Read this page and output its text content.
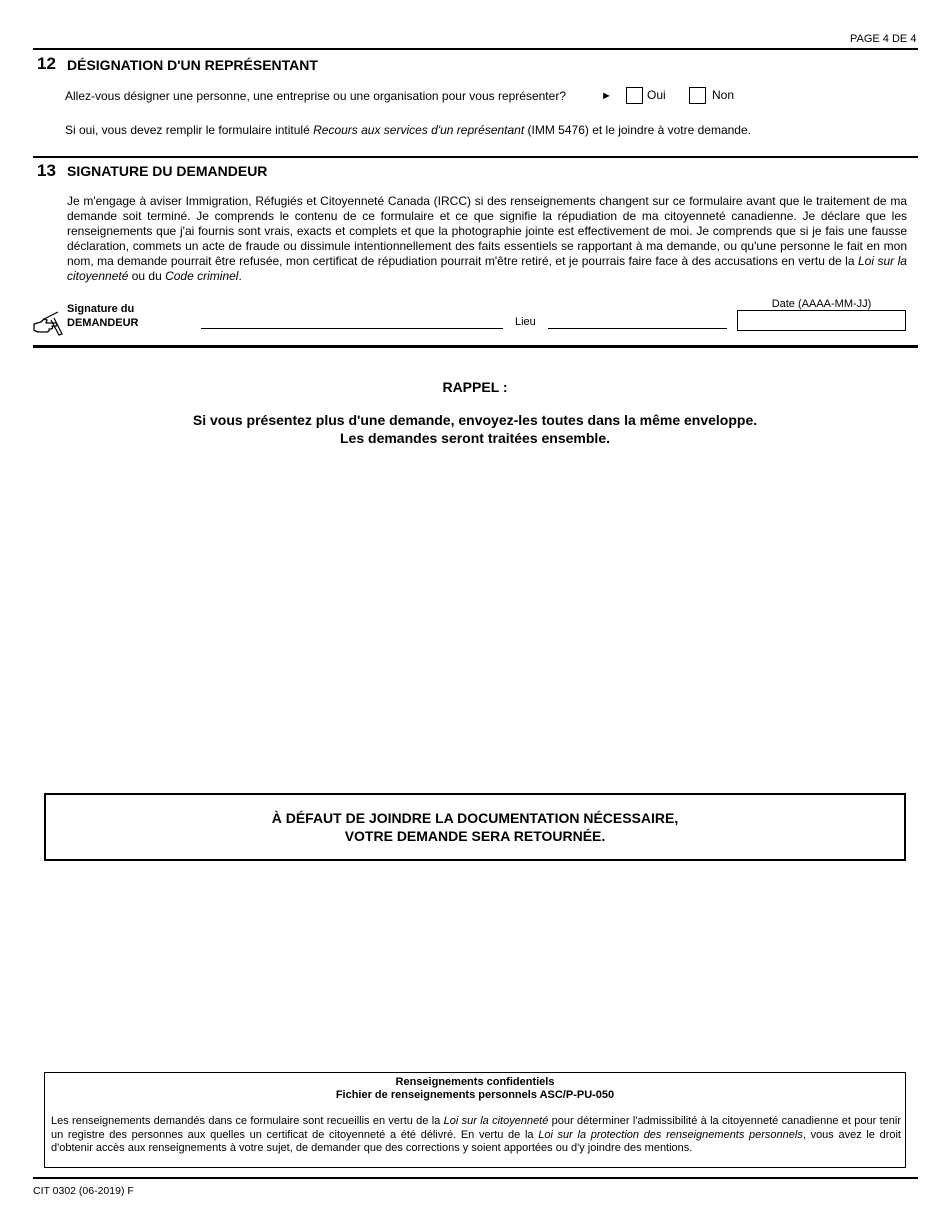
PAGE 4 DE 4
12 DÉSIGNATION D'UN REPRÉSENTANT
Allez-vous désigner une personne, une entreprise ou une organisation pour vous représenter?	►	Oui	Non
Si oui, vous devez remplir le formulaire intitulé Recours aux services d'un représentant (IMM 5476) et le joindre à votre demande.
13 SIGNATURE DU DEMANDEUR
Je m'engage à aviser Immigration, Réfugiés et Citoyenneté Canada (IRCC) si des renseignements changent sur ce formulaire avant que le traitement de ma demande soit terminé. Je comprends le contenu de ce formulaire et ce que signifie la répudiation de ma citoyenneté canadienne. Je déclare que les renseignements que j'ai fournis sont vrais, exacts et complets et que la photographie jointe est effectivement de moi. Je comprends que si je fais une fausse déclaration, commets un acte de fraude ou dissimule intentionnellement des faits essentiels se rapportant à ma demande, ou qu'une personne le fait en mon nom, ma demande pourrait être refusée, mon certificat de répudiation pourrait m'être retiré, et je pourrais faire face à des accusations en vertu de la Loi sur la citoyenneté ou du Code criminel.
Signature du
DEMANDEUR	Lieu
Date (AAAA-MM-JJ)
RAPPEL :
Si vous présentez plus d'une demande, envoyez-les toutes dans la même enveloppe.
Les demandes seront traitées ensemble.
À DÉFAUT DE JOINDRE LA DOCUMENTATION NÉCESSAIRE,
VOTRE DEMANDE SERA RETOURNÉE.
Renseignements confidentiels
Fichier de renseignements personnels ASC/P-PU-050
Les renseignements demandés dans ce formulaire sont recueillis en vertu de la Loi sur la citoyenneté pour déterminer l'admissibilité à la citoyenneté canadienne et pour tenir un registre des personnes aux quelles un certificat de citoyenneté a été délivré. En vertu de la Loi sur la protection des renseignements personnels, vous avez le droit d'obtenir accès aux renseignements à votre sujet, de demander que des corrections y soient apportées ou d'y joindre des mentions.
CIT 0302 (06-2019) F
